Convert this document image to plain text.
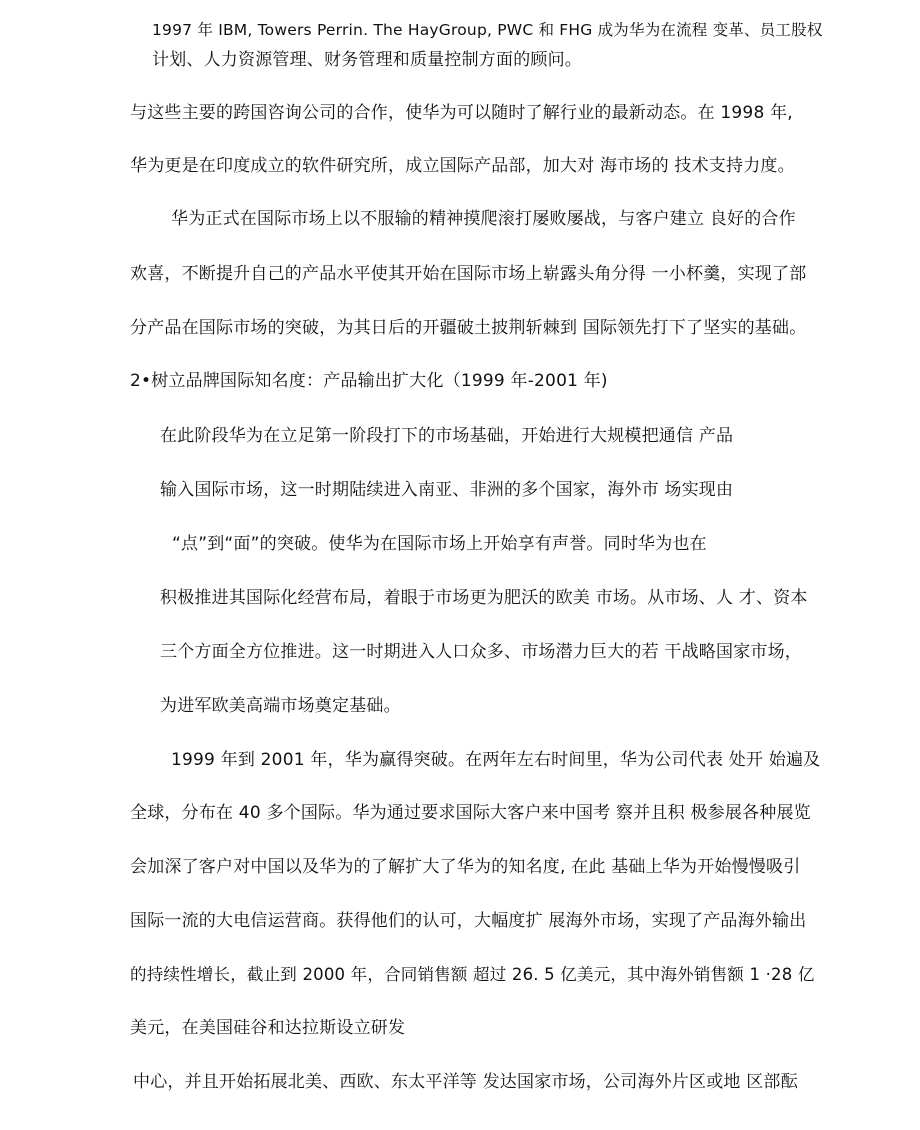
1997 年 IBM, Towers Perrin. The HayGroup, PWC 和 FHG 成为华为在流程 变革、员工股权
计划、人力资源管理、财务管理和质量控制方面的顾问。
与这些主要的跨国咨询公司的合作，使华为可以随时了解行业的最新动态。在 1998 年,
华为更是在印度成立的软件研究所，成立国际产品部，加大对 海市场的 技术支持力度。
华为正式在国际市场上以不服输的精神摸爬滚打屡败屡战，与客户建立 良好的合作
欢喜，不断提升自己的产品水平使其开始在国际市场上崭露头角分得 一小杯羹，实现了部
分产品在国际市场的突破，为其日后的开疆破土披荆斩棘到 国际领先打下了坚实的基础。
2•树立品牌国际知名度：产品输出扩大化（1999 年-2001 年)
在此阶段华为在立足第一阶段打下的市场基础，开始进行大规模把通信 产品
输入国际市场，这一时期陆续进入南亚、非洲的多个国家，海外市 场实现由
“点”到“面”的突破。使华为在国际市场上开始享有声誉。同时华为也在
积极推进其国际化经营布局，着眼于市场更为肥沃的欧美 市场。从市场、人 才、资本
三个方面全方位推进。这一时期进入人口众多、市场潜力巨大的若 干战略国家市场，
为进军欧美高端市场奠定基础。
1999 年到 2001 年，华为赢得突破。在两年左右时间里，华为公司代表 处开 始遍及
全球，分布在 40 多个国际。华为通过要求国际大客户来中国考 察并且积 极参展各种展览
会加深了客户对中国以及华为的了解扩大了华为的知名度, 在此 基础上华为开始慢慢吸引
国际一流的大电信运营商。获得他们的认可，大幅度扩 展海外市场，实现了产品海外输出
的持续性增长，截止到 2000 年，合同销售额 超过 26. 5 亿美元，其中海外销售额 1 ·28 亿
美元，在美国硅谷和达拉斯设立研发
中心，并且开始拓展北美、西欧、东太平洋等 发达国家市场，公司海外片区或地 区部酝
